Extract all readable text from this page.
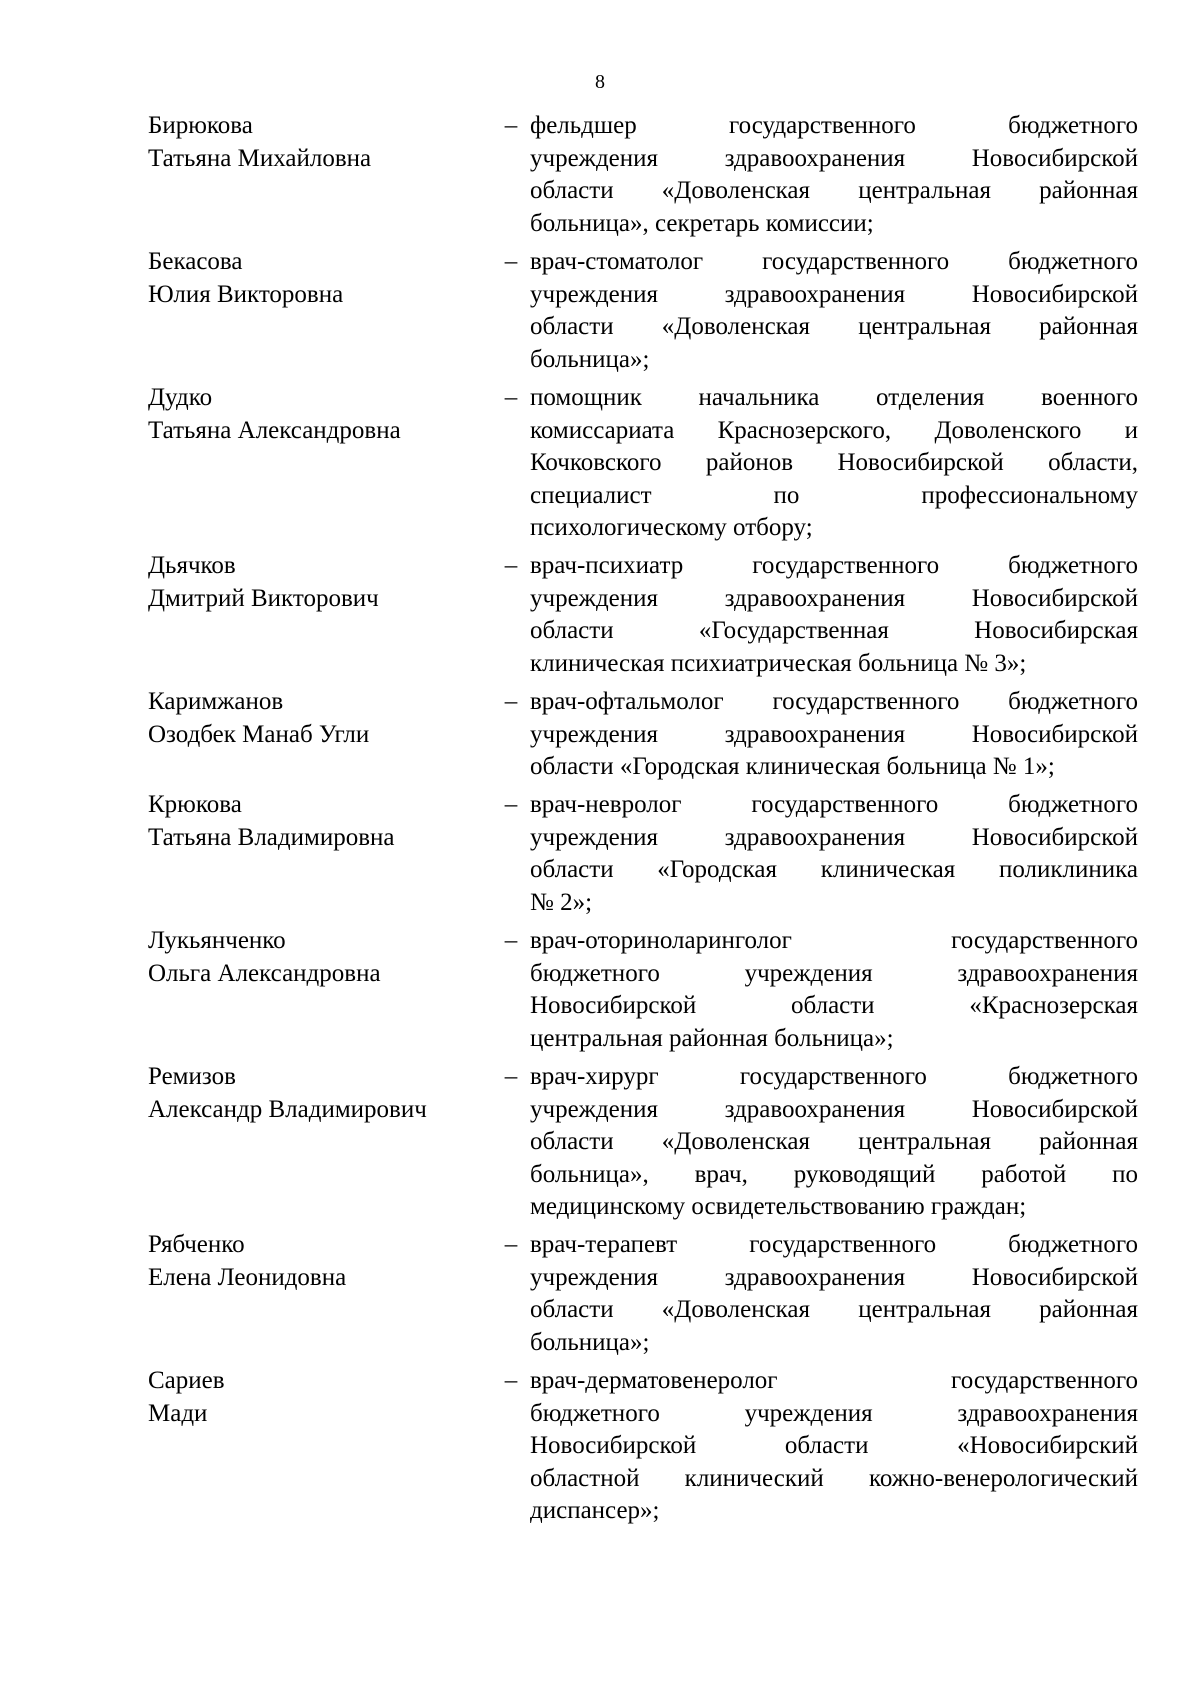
8
Бирюкова
Татьяна Михайловна
– фельдшер государственного бюджетного
учреждения здравоохранения Новосибирской
области «Доволенская центральная районная
больница», секретарь комиссии;
Бекасова
Юлия Викторовна
– врач-стоматолог государственного бюджетного
учреждения здравоохранения Новосибирской
области «Доволенская центральная районная
больница»;
Дудко
Татьяна Александровна
– помощник начальника отделения военного
комиссариата Краснозерского, Доволенского и
Кочковского районов Новосибирской области,
специалист по профессиональному
психологическому отбору;
Дьячков
Дмитрий Викторович
– врач-психиатр государственного бюджетного
учреждения здравоохранения Новосибирской
области «Государственная Новосибирская
клиническая психиатрическая больница № 3»;
Каримжанов
Озодбек Манаб Угли
– врач-офтальмолог государственного бюджетного
учреждения здравоохранения Новосибирской
области «Городская клиническая больница № 1»;
Крюкова
Татьяна Владимировна
– врач-невролог государственного бюджетного
учреждения здравоохранения Новосибирской
области «Городская клиническая поликлиника
№ 2»;
Лукьянченко
Ольга Александровна
– врач-оториноларинголог государственного
бюджетного учреждения здравоохранения
Новосибирской области «Краснозерская
центральная районная больница»;
Ремизов
Александр Владимирович
– врач-хирург государственного бюджетного
учреждения здравоохранения Новосибирской
области «Доволенская центральная районная
больница», врач, руководящий работой по
медицинскому освидетельствованию граждан;
Рябченко
Елена Леонидовна
– врач-терапевт государственного бюджетного
учреждения здравоохранения Новосибирской
области «Доволенская центральная районная
больница»;
Сариев
Мади
– врач-дерматовенеролог государственного
бюджетного учреждения здравоохранения
Новосибирской области «Новосибирский
областной клинический кожно-венерологический
диспансер»;
